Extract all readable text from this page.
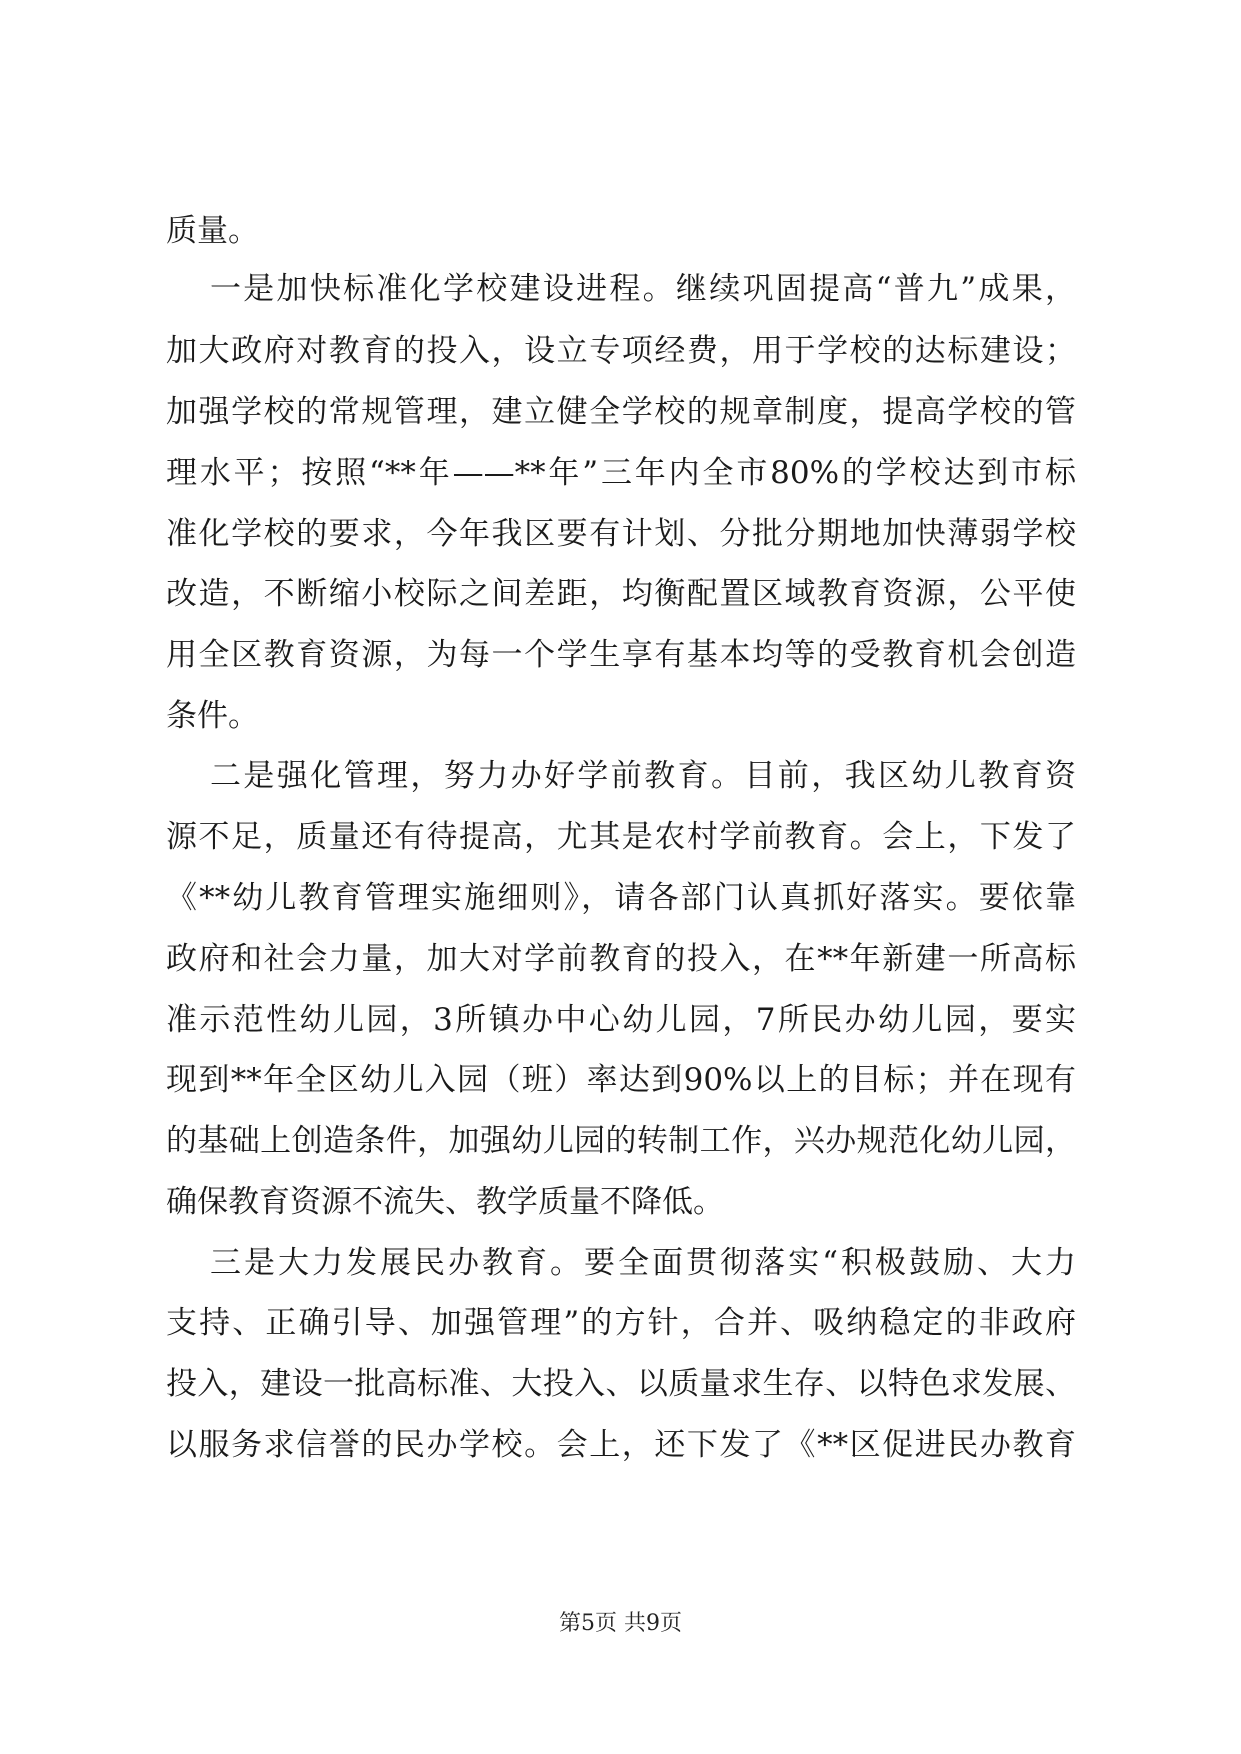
质量。
一是加快标准化学校建设进程。继续巩固提高“普九”成果，
加大政府对教育的投入，设立专项经费，用于学校的达标建设；
加强学校的常规管理，建立健全学校的规章制度，提高学校的管
理水平；按照“**年——**年”三年内全市80%的学校达到市标
准化学校的要求，今年我区要有计划、分批分期地加快薄弱学校
改造，不断缩小校际之间差距，均衡配置区域教育资源，公平使
用全区教育资源，为每一个学生享有基本均等的受教育机会创造
条件。
二是强化管理，努力办好学前教育。目前，我区幼儿教育资
源不足，质量还有待提高，尤其是农村学前教育。会上，下发了
《**幼儿教育管理实施细则》，请各部门认真抓好落实。要依靠
政府和社会力量，加大对学前教育的投入，在**年新建一所高标
准示范性幼儿园，3所镇办中心幼儿园，7所民办幼儿园，要实
现到**年全区幼儿入园（班）率达到90%以上的目标；并在现有
的基础上创造条件，加强幼儿园的转制工作，兴办规范化幼儿园，
确保教育资源不流失、教学质量不降低。
三是大力发展民办教育。要全面贯彻落实“积极鼓励、大力
支持、正确引导、加强管理”的方针，合并、吸纳稳定的非政府
投入，建设一批高标准、大投入、以质量求生存、以特色求发展、
以服务求信誉的民办学校。会上，还下发了《**区促进民办教育
第5页 共9页
